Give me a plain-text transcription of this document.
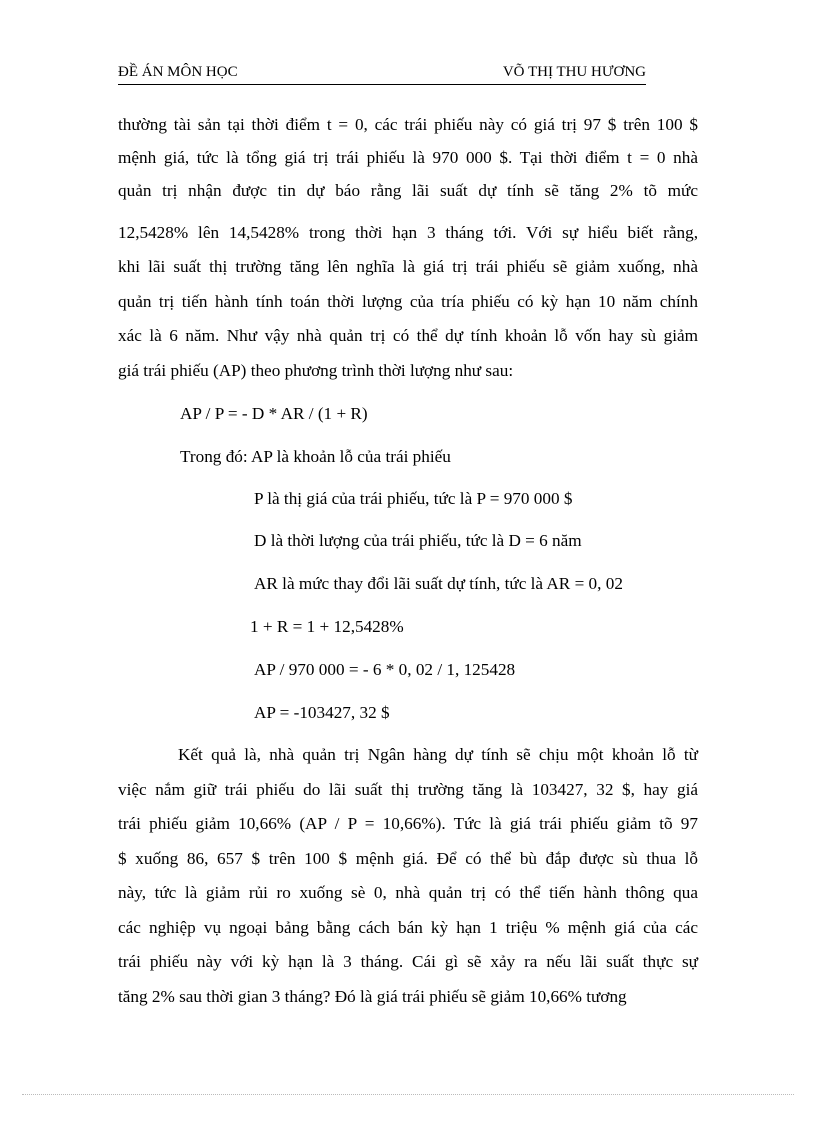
ĐỀ ÁN MÔN HỌC	VÕ THỊ THU HƯƠNG
thường tài sản tại thời điểm t = 0, các trái phiếu này có giá trị 97 $ trên 100 $
mệnh giá, tức là tổng giá trị trái phiếu là 970 000 $. Tại thời điểm t = 0 nhà
quản trị nhận được tin dự báo rằng lãi suất dự tính sẽ tăng 2% tõ mức
12,5428% lên 14,5428% trong thời hạn 3 tháng tới. Với sự hiểu biết rằng,
khi lãi suất thị trường tăng lên nghĩa là giá trị trái phiếu sẽ giảm xuống, nhà
quản trị tiến hành tính toán thời lượng của tría phiếu có kỳ hạn 10 năm chính
xác là 6 năm. Như vậy nhà quản trị có thể dự tính khoản lỗ vốn hay sù giảm
giá trái phiếu (AP) theo phương trình thời lượng như sau:
AP / P = - D * AR / (1 + R)
Trong đó: AP là khoản lỗ của trái phiếu
P là thị giá của trái phiếu, tức là P = 970 000 $
D là thời lượng của trái phiếu, tức là D = 6 năm
AR là mức thay đổi lãi suất dự tính, tức là AR = 0, 02
1 + R = 1 + 12,5428%
AP / 970 000 = - 6 * 0, 02 / 1, 125428
AP = -103427, 32 $
Kết quả là, nhà quản trị Ngân hàng dự tính sẽ chịu một khoản lỗ từ
việc nắm giữ trái phiếu do lãi suất thị trường tăng là 103427, 32 $, hay giá
trái phiếu giảm 10,66% (AP / P = 10,66%). Tức là giá trái phiếu giảm tõ 97
$ xuống 86, 657 $ trên 100 $ mệnh giá. Để có thể bù đắp được sù thua lỗ
này, tức là giảm rủi ro xuống sè 0, nhà quản trị có thể tiến hành thông qua
các nghiệp vụ ngoại bảng bằng cách bán kỳ hạn 1 triệu % mệnh giá của các
trái phiếu này với kỳ hạn là 3 tháng. Cái gì sẽ xảy ra nếu lãi suất thực sự
tăng 2% sau thời gian 3 tháng? Đó là giá trái phiếu sẽ giảm 10,66% tương
